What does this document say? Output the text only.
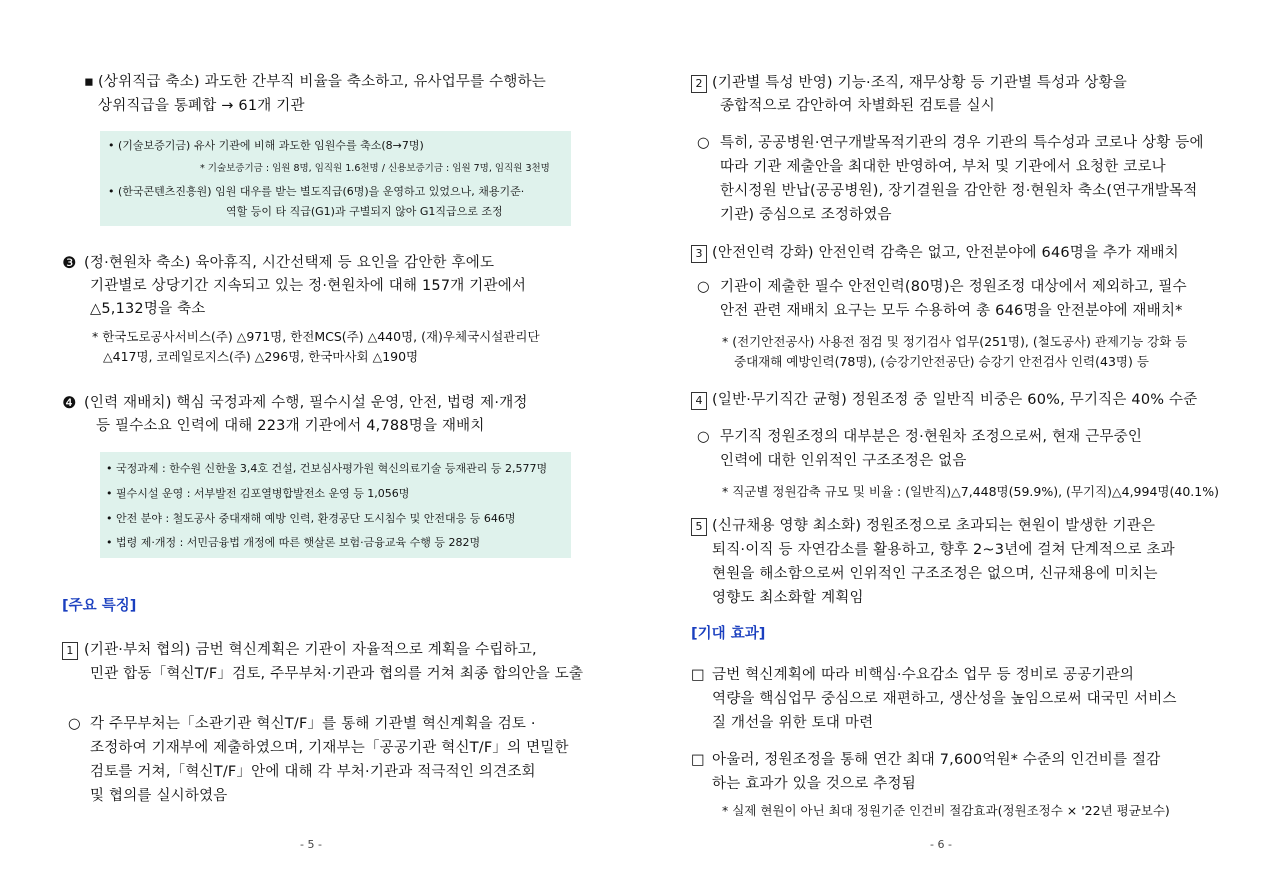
▪ (상위직급 축소) 과도한 간부직 비율을 축소하고, 유사업무를 수행하는
상위직급을 통폐합 → 61개 기관
• (기술보증기금) 유사 기관에 비해 과도한 임원수를 축소(8→7명)
* 기술보증기금 : 임원 8명, 임직원 1.6천명 / 신용보증기금 : 임원 7명, 임직원 3천명
• (한국콘텐츠진흥원) 임원 대우를 받는 별도직급(6명)을 운영하고 있었으나, 채용기준·
역할 등이 타 직급(G1)과 구별되지 않아 G1직급으로 조정
❸ (정·현원차 축소) 육아휴직, 시간선택제 등 요인을 감안한 후에도
기관별로 상당기간 지속되고 있는 정·현원차에 대해 157개 기관에서
△5,132명을 축소
* 한국도로공사서비스(주) △971명, 한전MCS(주) △440명, (재)우체국시설관리단
△417명, 코레일로지스(주) △296명, 한국마사회 △190명
❹ (인력 재배치) 핵심 국정과제 수행, 필수시설 운영, 안전, 법령 제·개정
등 필수소요 인력에 대해 223개 기관에서 4,788명을 재배치
• 국정과제 : 한수원 신한울 3,4호 건설, 건보심사평가원 혁신의료기술 등재관리 등 2,577명
• 필수시설 운영 : 서부발전 김포열병합발전소 운영 등 1,056명
• 안전 분야 : 철도공사 중대재해 예방 인력, 환경공단 도시침수 및 안전대응 등 646명
• 법령 제·개정 : 서민금융법 개정에 따른 햇살론 보험·금융교육 수행 등 282명
[주요 특징]
1 (기관·부처 협의) 금번 혁신계획은 기관이 자율적으로 계획을 수립하고,
민관 합동「혁신T/F」검토, 주무부처·기관과 협의를 거쳐 최종 합의안을 도출
○ 각 주무부처는「소관기관 혁신T/F」를 통해 기관별 혁신계획을 검토 ·
조정하여 기재부에 제출하였으며, 기재부는「공공기관 혁신T/F」의 면밀한
검토를 거쳐,「혁신T/F」안에 대해 각 부처·기관과 적극적인 의견조회
및 협의를 실시하였음
- 5 -
2 (기관별 특성 반영) 기능·조직, 재무상황 등 기관별 특성과 상황을
종합적으로 감안하여 차별화된 검토를 실시
○ 특히, 공공병원·연구개발목적기관의 경우 기관의 특수성과 코로나 상황 등에
따라 기관 제출안을 최대한 반영하여, 부처 및 기관에서 요청한 코로나
한시정원 반납(공공병원), 장기결원을 감안한 정·현원차 축소(연구개발목적
기관) 중심으로 조정하였음
3 (안전인력 강화) 안전인력 감축은 없고, 안전분야에 646명을 추가 재배치
○ 기관이 제출한 필수 안전인력(80명)은 정원조정 대상에서 제외하고, 필수
안전 관련 재배치 요구는 모두 수용하여 총 646명을 안전분야에 재배치*
* (전기안전공사) 사용전 점검 및 정기검사 업무(251명), (철도공사) 관제기능 강화 등
중대재해 예방인력(78명), (승강기안전공단) 승강기 안전검사 인력(43명) 등
4 (일반·무기직간 균형) 정원조정 중 일반직 비중은 60%, 무기직은 40% 수준
○ 무기직 정원조정의 대부분은 정·현원차 조정으로써, 현재 근무중인
인력에 대한 인위적인 구조조정은 없음
* 직군별 정원감축 규모 및 비율 : (일반직)△7,448명(59.9%), (무기직)△4,994명(40.1%)
5 (신규채용 영향 최소화) 정원조정으로 초과되는 현원이 발생한 기관은
퇴직·이직 등 자연감소를 활용하고, 향후 2~3년에 걸쳐 단계적으로 초과
현원을 해소함으로써 인위적인 구조조정은 없으며, 신규채용에 미치는
영향도 최소화할 계획임
[기대 효과]
□ 금번 혁신계획에 따라 비핵심·수요감소 업무 등 정비로 공공기관의
역량을 핵심업무 중심으로 재편하고, 생산성을 높임으로써 대국민 서비스
질 개선을 위한 토대 마련
□ 아울러, 정원조정을 통해 연간 최대 7,600억원* 수준의 인건비를 절감
하는 효과가 있을 것으로 추정됨
* 실제 현원이 아닌 최대 정원기준 인건비 절감효과(정원조정수 × '22년 평균보수)
- 6 -
